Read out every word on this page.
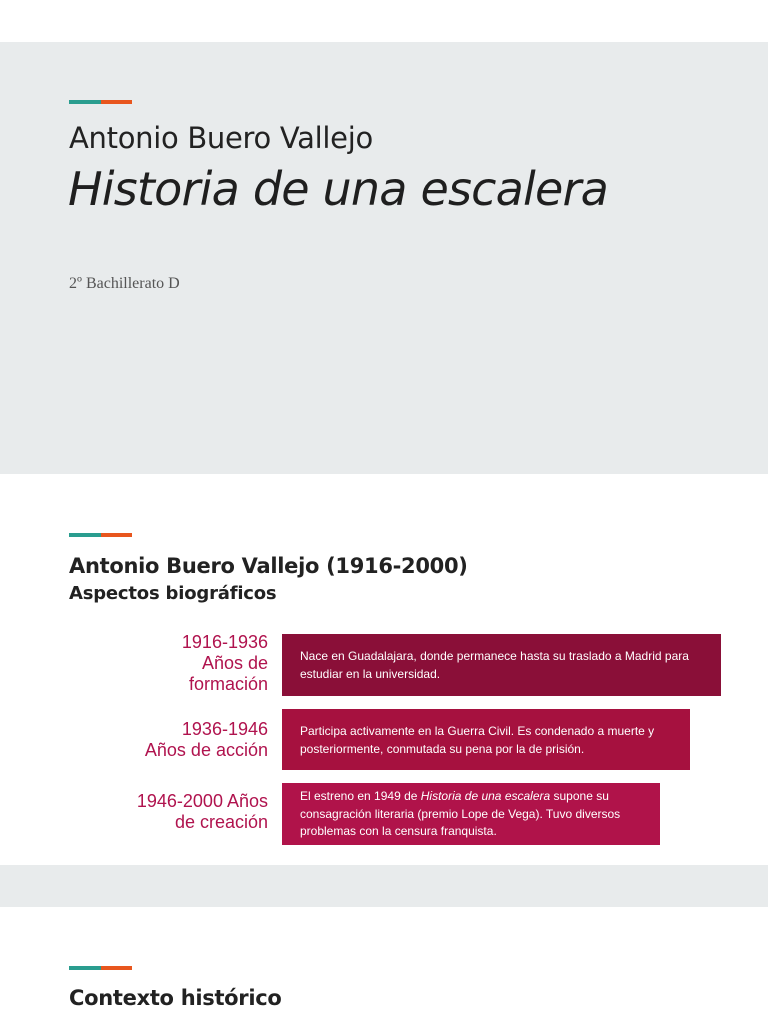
Antonio Buero Vallejo
Historia de una escalera
2º Bachillerato D
Antonio Buero Vallejo (1916-2000)
Aspectos biográficos
1916-1936
Años de
formación
Nace en Guadalajara, donde permanece hasta su traslado a Madrid para estudiar en la universidad.
1936-1946
Años de acción
Participa activamente en la Guerra Civil. Es condenado a muerte y posteriormente, conmutada su pena por la de prisión.
1946-2000 Años
de creación
El estreno en 1949 de Historia de una escalera supone su consagración literaria (premio Lope de Vega). Tuvo diversos problemas con la censura franquista.
Contexto histórico
